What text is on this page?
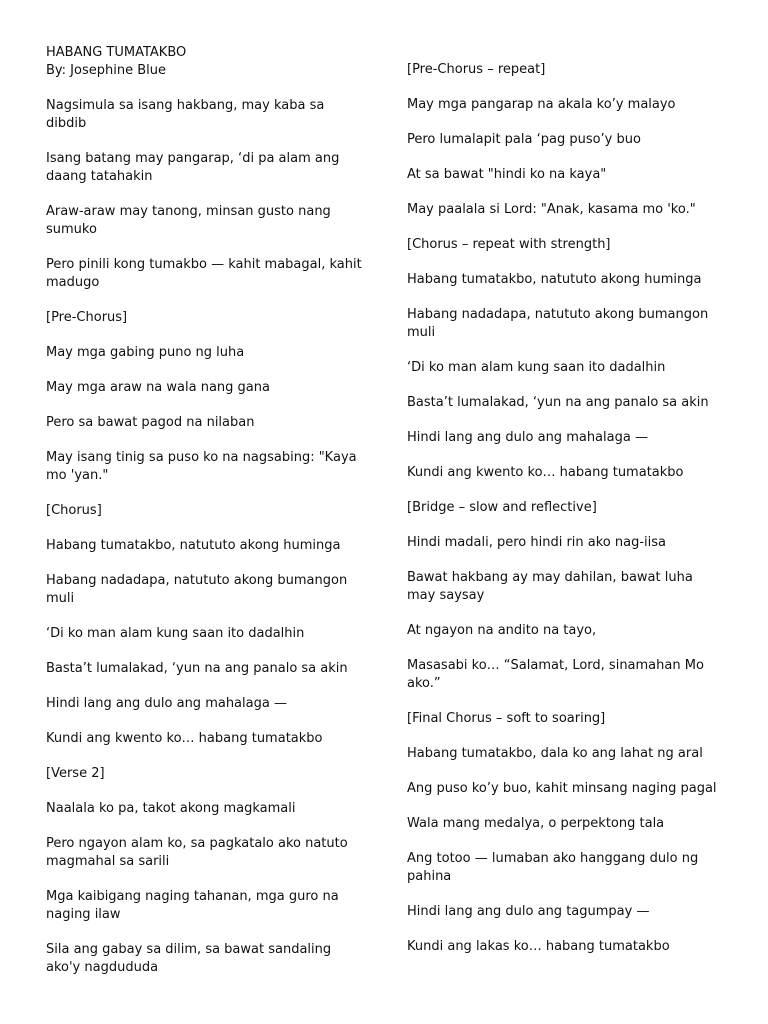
HABANG TUMATAKBO

By: Josephine Blue

Nagsimula sa isang hakbang, may kaba sa dibdib

Isang batang may pangarap, ‘di pa alam ang daang tatahakin

Araw-araw may tanong, minsan gusto nang sumuko

Pero pinili kong tumakbo — kahit mabagal, kahit madugo

[Pre-Chorus]

May mga gabing puno ng luha

May mga araw na wala nang gana

Pero sa bawat pagod na nilaban

May isang tinig sa puso ko na nagsabing: "Kaya mo 'yan."

[Chorus]

Habang tumatakbo, natututo akong huminga

Habang nadadapa, natututo akong bumangon muli

‘Di ko man alam kung saan ito dadalhin

Basta’t lumalakad, ‘yun na ang panalo sa akin

Hindi lang ang dulo ang mahalaga —

Kundi ang kwento ko… habang tumatakbo

[Verse 2]

Naalala ko pa, takot akong magkamali

Pero ngayon alam ko, sa pagkatalo ako natuto magmahal sa sarili

Mga kaibigang naging tahanan, mga guro na naging ilaw

Sila ang gabay sa dilim, sa bawat sandaling ako'y nagdududa

[Pre-Chorus – repeat]

May mga pangarap na akala ko’y malayo

Pero lumalapit pala ‘pag puso’y buo

At sa bawat "hindi ko na kaya"

May paalala si Lord: "Anak, kasama mo 'ko."

[Chorus – repeat with strength]

Habang tumatakbo, natututo akong huminga

Habang nadadapa, natututo akong bumangon muli

‘Di ko man alam kung saan ito dadalhin

Basta’t lumalakad, ‘yun na ang panalo sa akin

Hindi lang ang dulo ang mahalaga —

Kundi ang kwento ko… habang tumatakbo

[Bridge – slow and reflective]

Hindi madali, pero hindi rin ako nag-iisa

Bawat hakbang ay may dahilan, bawat luha may saysay

At ngayon na andito na tayo,

Masasabi ko… “Salamat, Lord, sinamahan Mo ako.”

[Final Chorus – soft to soaring]

Habang tumatakbo, dala ko ang lahat ng aral

Ang puso ko’y buo, kahit minsang naging pagal

Wala mang medalya, o perpektong tala

Ang totoo — lumaban ako hanggang dulo ng pahina

Hindi lang ang dulo ang tagumpay —

Kundi ang lakas ko… habang tumatakbo
